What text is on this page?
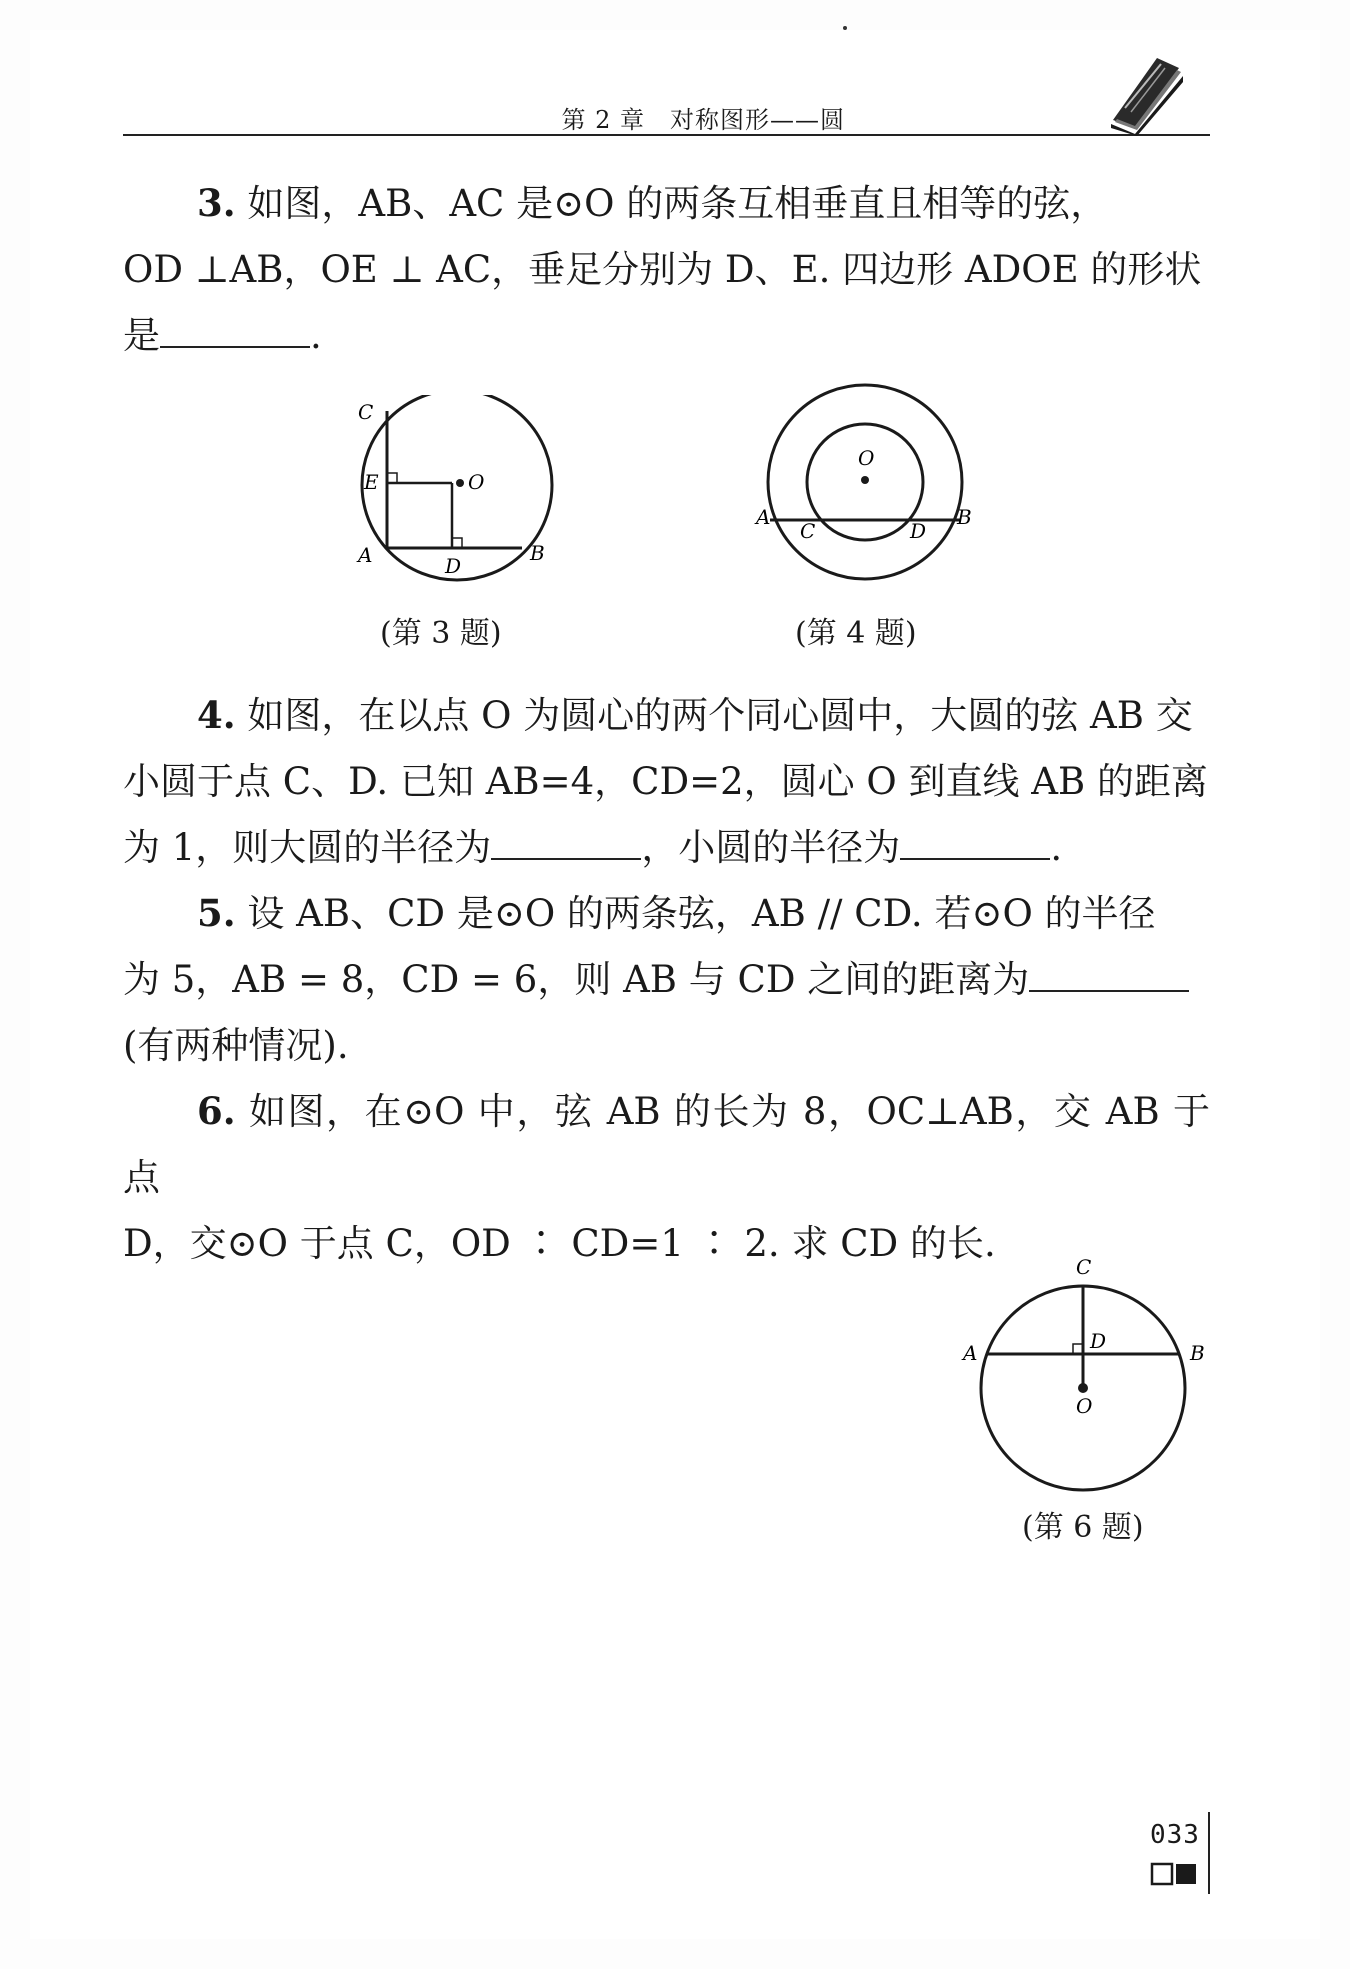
第 2 章　对称图形——圆
3. 如图，AB、AC 是⊙O 的两条互相垂直且相等的弦，
OD ⊥AB，OE ⊥ AC，垂足分别为 D、E. 四边形 ADOE 的形状
是	.
C
E	O
A	D
B
(第 3 题)
O
A
C	D
B
(第 4 题)
4. 如图，在以点 O 为圆心的两个同心圆中，大圆的弦 AB 交
小圆于点 C、D. 已知 AB=4，CD=2，圆心 O 到直线 AB 的距离
为 1，则大圆的半径为	，小圆的半径为	.
5. 设 AB、CD 是⊙O 的两条弦，AB // CD. 若⊙O 的半径
为 5，AB = 8，CD = 6，则 AB 与 CD 之间的距离为
(有两种情况).
6. 如图，在⊙O 中，弦 AB 的长为 8，OC⊥AB，交 AB 于点
D，交⊙O 于点 C，OD ∶ CD=1 ∶ 2. 求 CD 的长.
C
D
A	B
O
(第 6 题)
033
